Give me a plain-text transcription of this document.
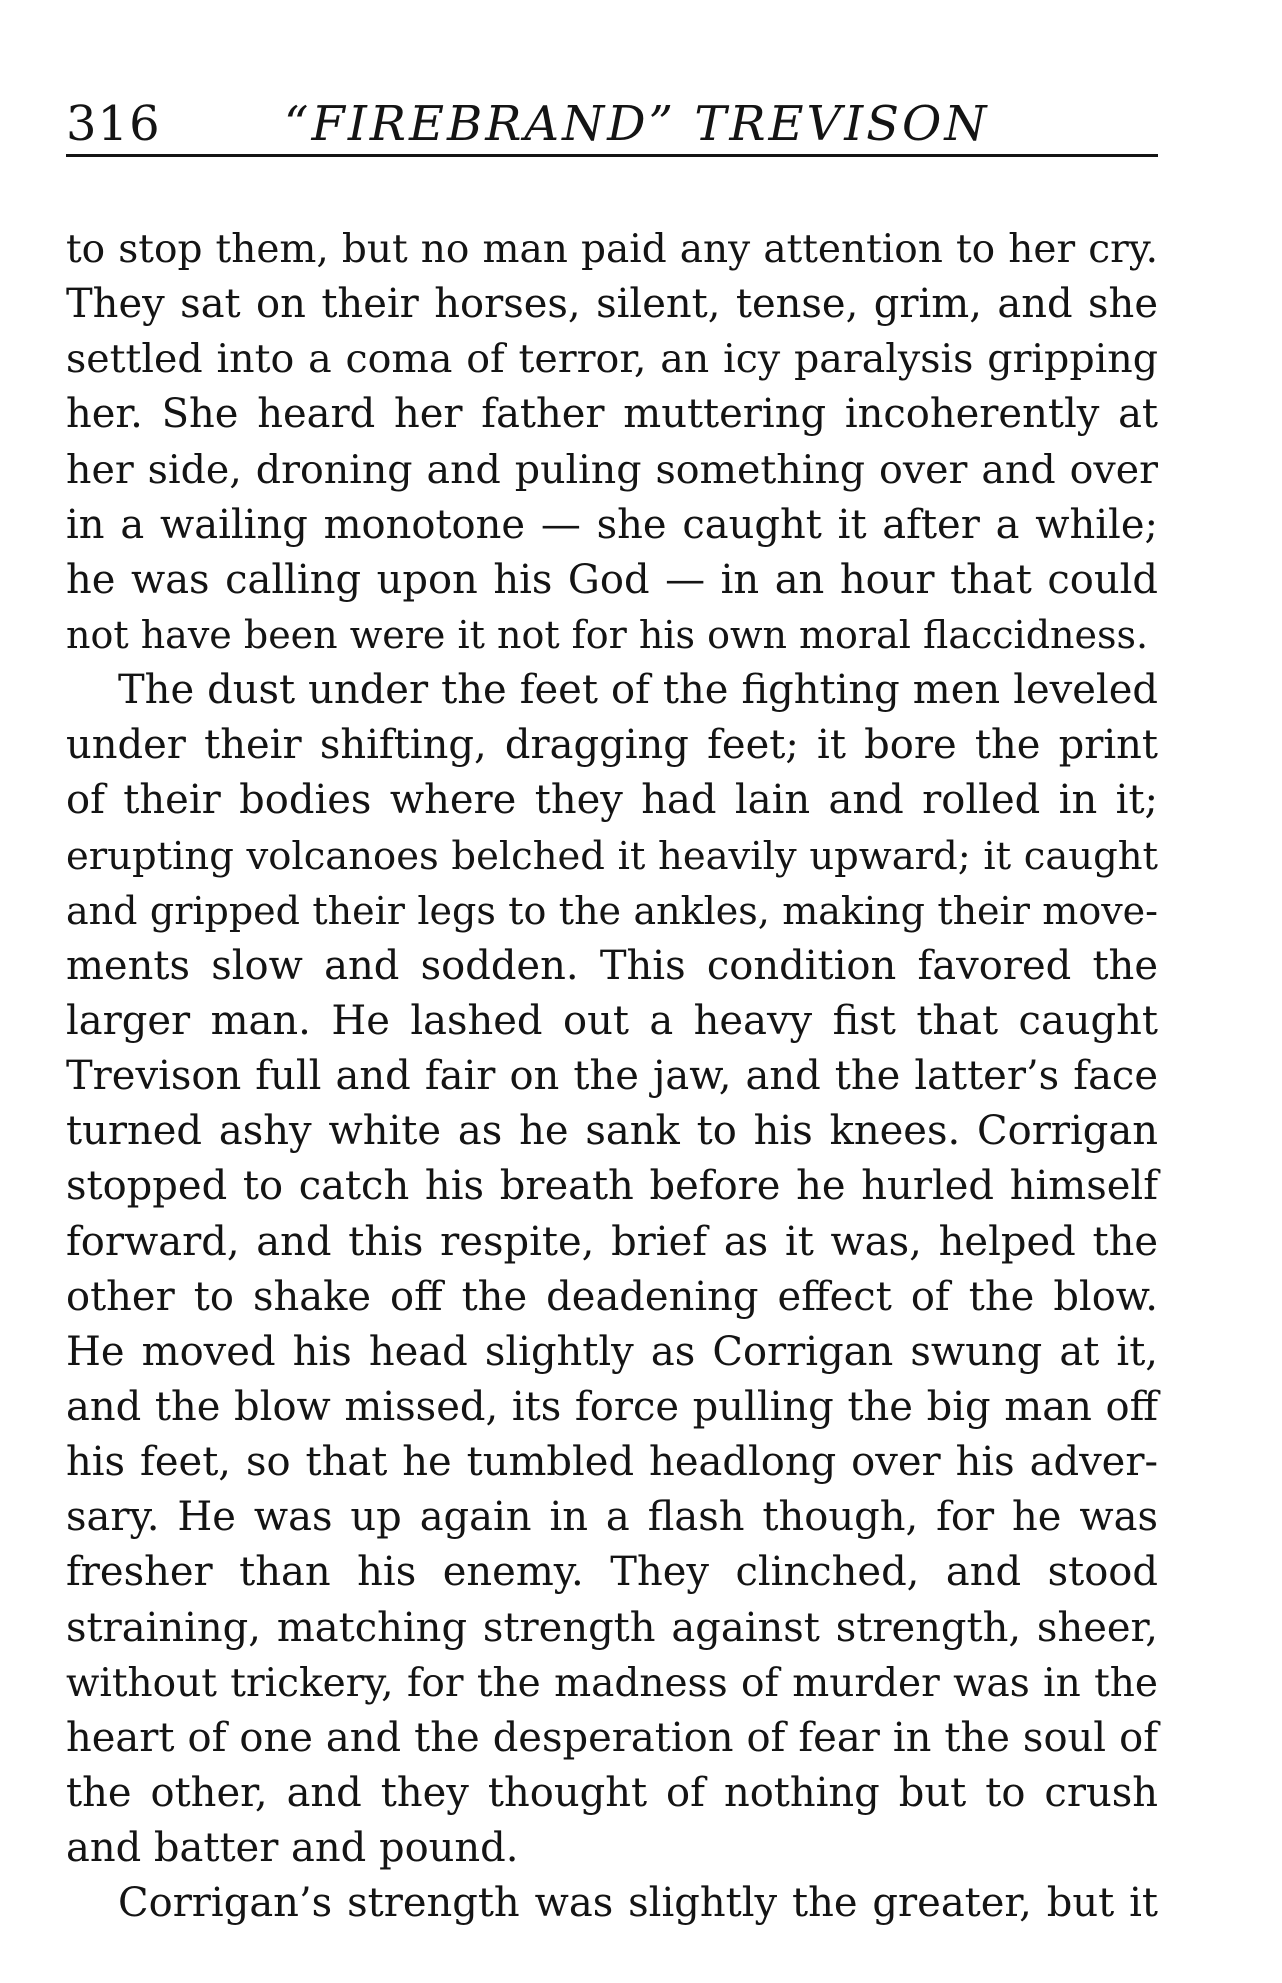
316	“FIREBRAND” TREVISON
to stop them, but no man paid any attention to her cry.
They sat on their horses, silent, tense, grim, and she
settled into a coma of terror, an icy paralysis gripping
her. She heard her father muttering incoherently at
her side, droning and puling something over and over
in a wailing monotone — she caught it after a while;
he was calling upon his God — in an hour that could
not have been were it not for his own moral flaccidness.
The dust under the feet of the fighting men leveled
under their shifting, dragging feet; it bore the print
of their bodies where they had lain and rolled in it;
erupting volcanoes belched it heavily upward; it caught
and gripped their legs to the ankles, making their move-
ments slow and sodden. This condition favored the
larger man. He lashed out a heavy fist that caught
Trevison full and fair on the jaw, and the latter’s face
turned ashy white as he sank to his knees. Corrigan
stopped to catch his breath before he hurled himself
forward, and this respite, brief as it was, helped the
other to shake off the deadening effect of the blow.
He moved his head slightly as Corrigan swung at it,
and the blow missed, its force pulling the big man off
his feet, so that he tumbled headlong over his adver-
sary. He was up again in a flash though, for he was
fresher than his enemy. They clinched, and stood
straining, matching strength against strength, sheer,
without trickery, for the madness of murder was in the
heart of one and the desperation of fear in the soul of
the other, and they thought of nothing but to crush
and batter and pound.
Corrigan’s strength was slightly the greater, but it
